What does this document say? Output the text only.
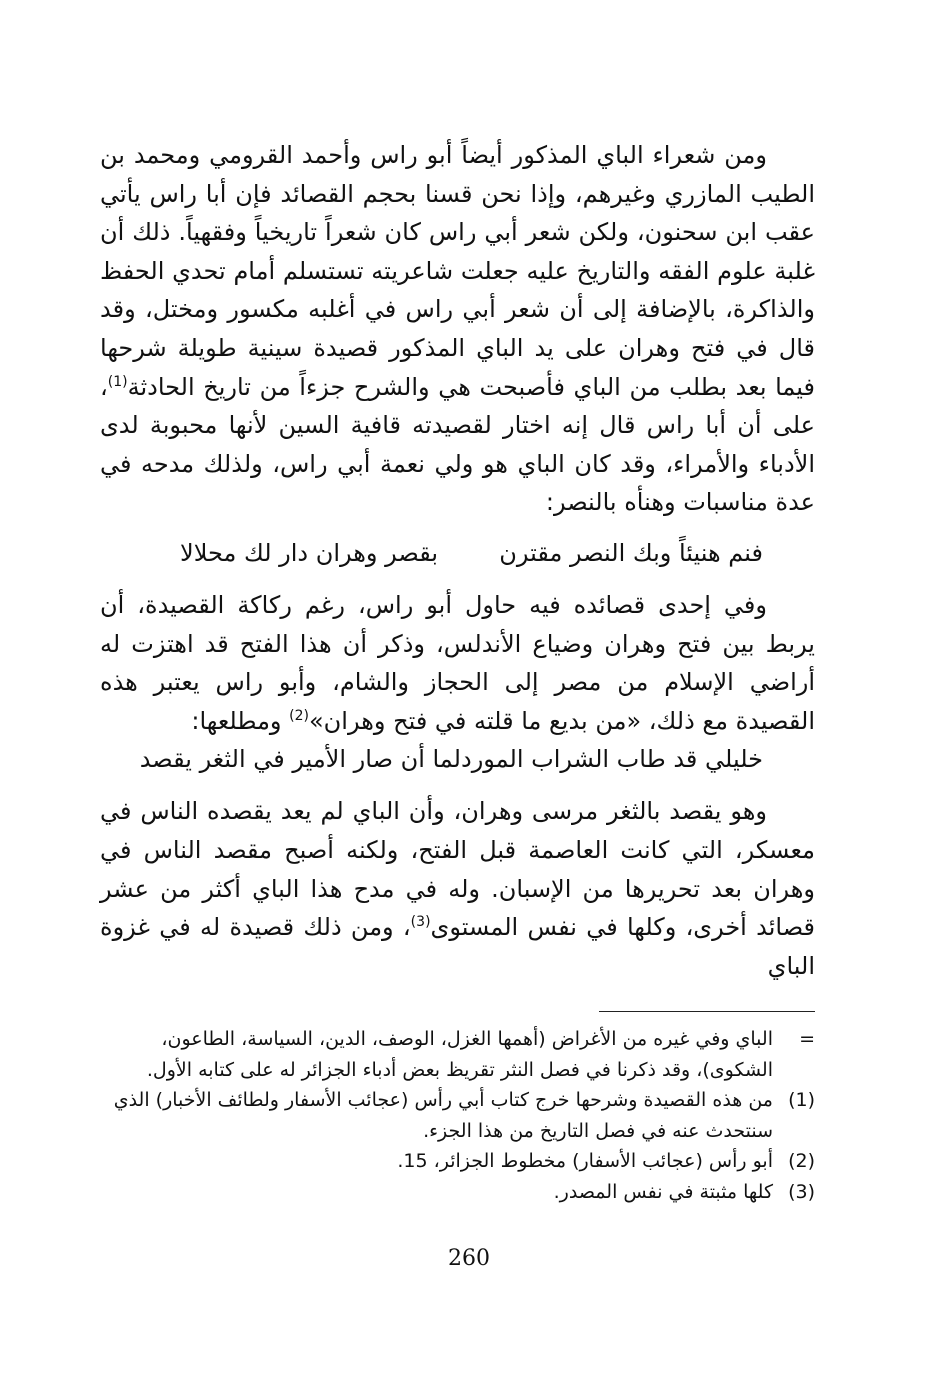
ومن شعراء الباي المذكور أيضاً أبو راس وأحمد القرومي ومحمد بن الطيب المازري وغيرهم، وإذا نحن قسنا بحجم القصائد فإن أبا راس يأتي عقب ابن سحنون، ولكن شعر أبي راس كان شعراً تاريخياً وفقهياً. ذلك أن غلبة علوم الفقه والتاريخ عليه جعلت شاعريته تستسلم أمام تحدي الحفظ والذاكرة، بالإضافة إلى أن شعر أبي راس في أغلبه مكسور ومختل، وقد قال في فتح وهران على يد الباي المذكور قصيدة سينية طويلة شرحها فيما بعد بطلب من الباي فأصبحت هي والشرح جزءاً من تاريخ الحادثة$^{(1)}$، على أن أبا راس قال إنه اختار لقصيدته قافية السين لأنها محبوبة لدى الأدباء والأمراء، وقد كان الباي هو ولي نعمة أبي راس، ولذلك مدحه في عدة مناسبات وهنأه بالنصر:

فنم هنيئاً وبك النصر مقترن
بقصر وهران دار لك محلالا

وفي إحدى قصائده فيه حاول أبو راس، رغم ركاكة القصيدة، أن يربط بين فتح وهران وضياع الأندلس، وذكر أن هذا الفتح قد اهتزت له أراضي الإسلام من مصر إلى الحجاز والشام، وأبو راس يعتبر هذه القصيدة مع ذلك، «من بديع ما قلته في فتح وهران»$^{(2)}$ ومطلعها:

خليلي قد طاب الشراب المورد
لما أن صار الأمير في الثغر يقصد

وهو يقصد بالثغر مرسى وهران، وأن الباي لم يعد يقصده الناس في معسكر، التي كانت العاصمة قبل الفتح، ولكنه أصبح مقصد الناس في وهران بعد تحريرها من الإسبان. وله في مدح هذا الباي أكثر من عشر قصائد أخرى، وكلها في نفس المستوى$^{(3)}$، ومن ذلك قصيدة له في غزوة الباي

=
الباي وفي غيره من الأغراض (أهمها الغزل، الوصف، الدين، السياسة، الطاعون، الشكوى)، وقد ذكرنا في فصل النثر تقريظ بعض أدباء الجزائر له على كتابه الأول.
(1)
من هذه القصيدة وشرحها خرج كتاب أبي رأس (عجائب الأسفار ولطائف الأخبار) الذي سنتحدث عنه في فصل التاريخ من هذا الجزء.
(2)
أبو رأس (عجائب الأسفار) مخطوط الجزائر، 15.
(3)
كلها مثبتة في نفس المصدر.
260
